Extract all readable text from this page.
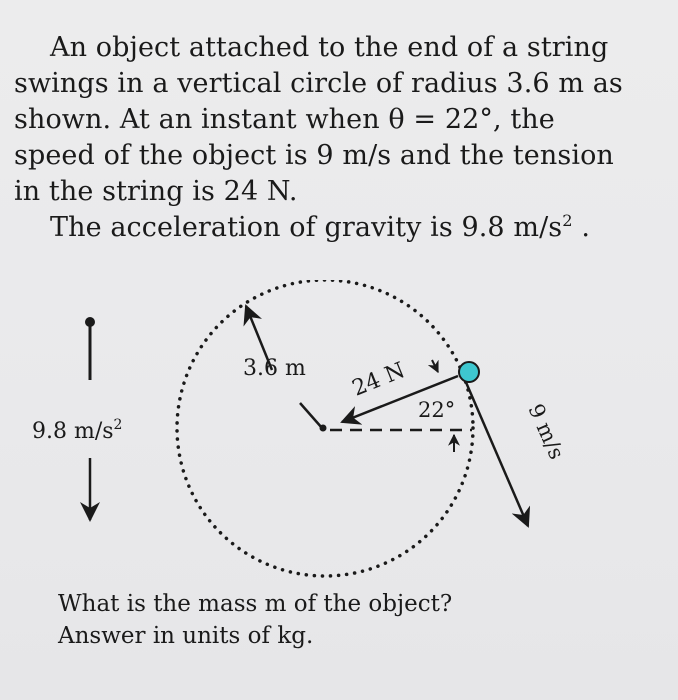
An object attached to the end of a string swings in a vertical circle of radius 3.6 m as shown. At an instant when θ = 22°, the speed of the object is 9 m/s and the tension in the string is 24 N.

The acceleration of gravity is 9.8 $m/s^2$ .

9.8 $m/s^2$
3.6 m 24 N
22°	9 m/s

What is the mass m of the object?

Answer in units of kg.
